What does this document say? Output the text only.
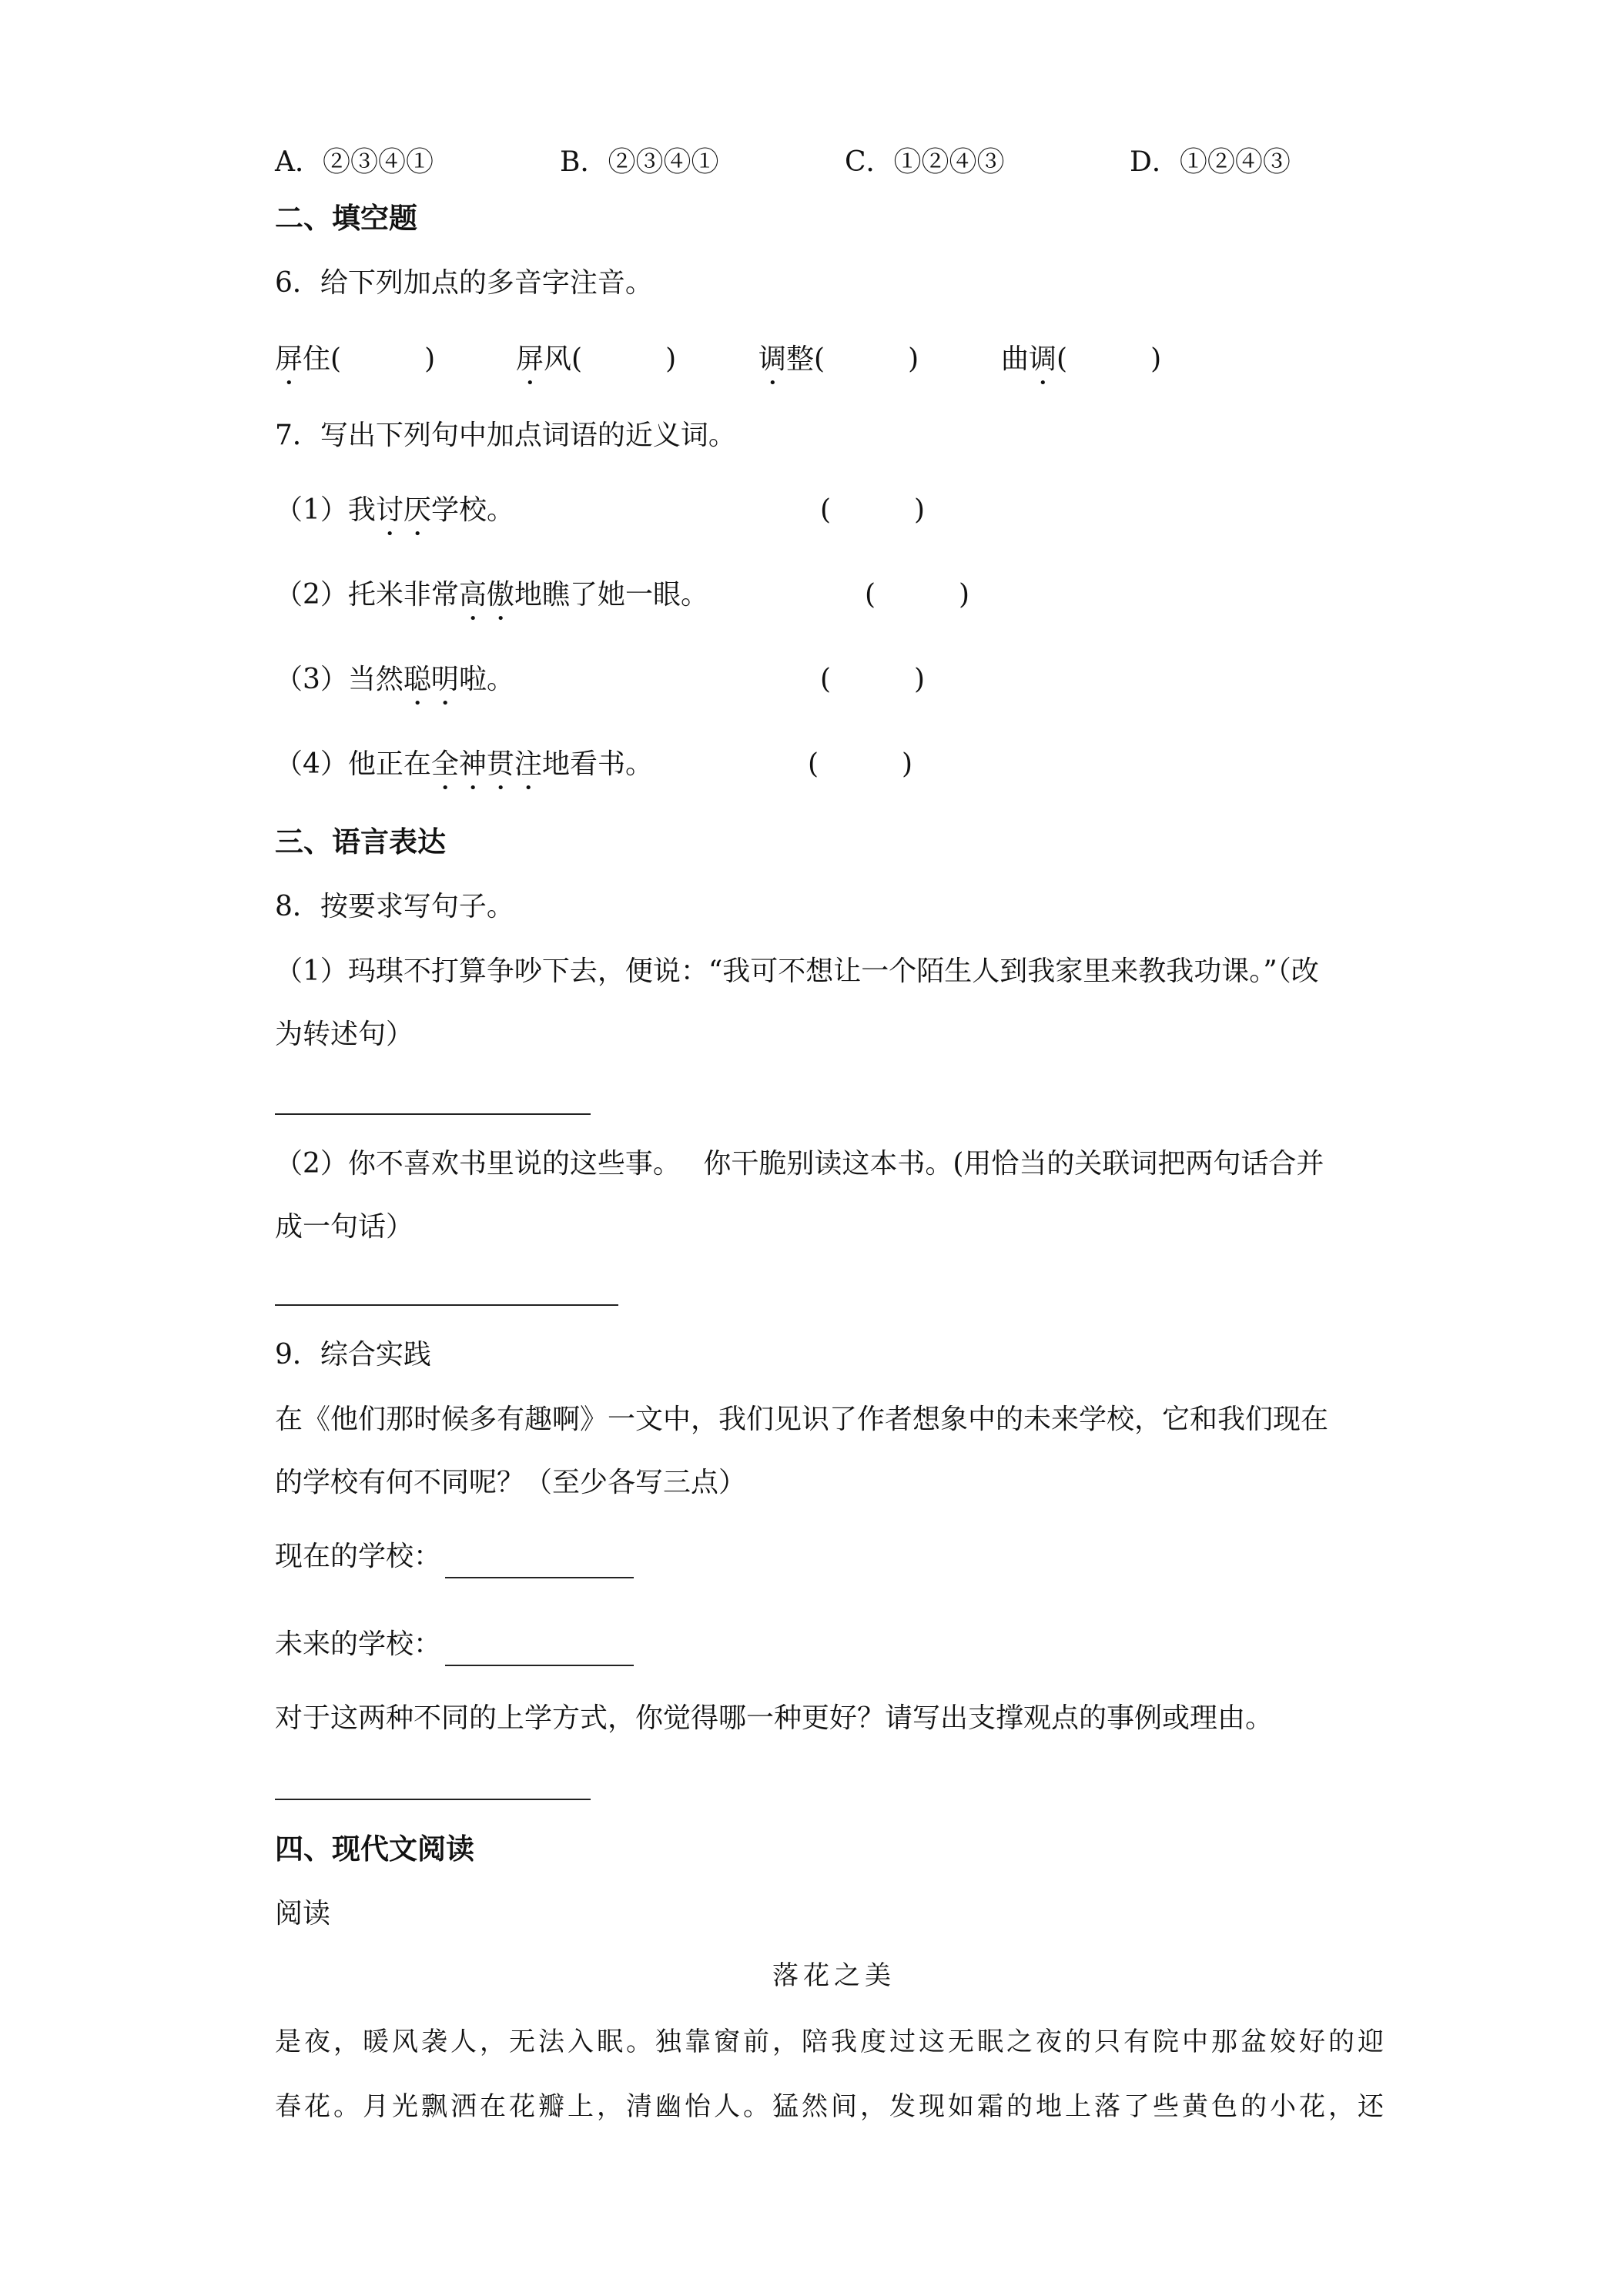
A．②③④①	B．②③④①	C．①②④③	D．①②④③
二、填空题
6．给下列加点的多音字注音。
屏住(　　　)	屏风(　　　)	调整(　　　)	曲调(　　　)
7．写出下列句中加点词语的近义词。
（1）我讨厌学校。	(　　　)
（2）托米非常高傲地瞧了她一眼。	(　　　)
（3）当然聪明啦。	(　　　)
（4）他正在全神贯注地看书。	(　　　)
三、语言表达
8．按要求写句子。
（1）玛琪不打算争吵下去，便说：“我可不想让一个陌生人到我家里来教我功课。”（改
为转述句）
（2）你不喜欢书里说的这些事。　 你干脆别读这本书。(用恰当的关联词把两句话合并
成一句话）
9．综合实践
在《他们那时候多有趣啊》一文中，我们见识了作者想象中的未来学校，它和我们现在
的学校有何不同呢？（至少各写三点）
现在的学校：
未来的学校：
对于这两种不同的上学方式，你觉得哪一种更好？请写出支撑观点的事例或理由。
四、现代文阅读
阅读
落花之美
是夜，暖风袭人，无法入眠。独靠窗前，陪我度过这无眠之夜的只有院中那盆姣好的迎
春花。月光飘洒在花瓣上，清幽怡人。猛然间，发现如霜的地上落了些黄色的小花，还
